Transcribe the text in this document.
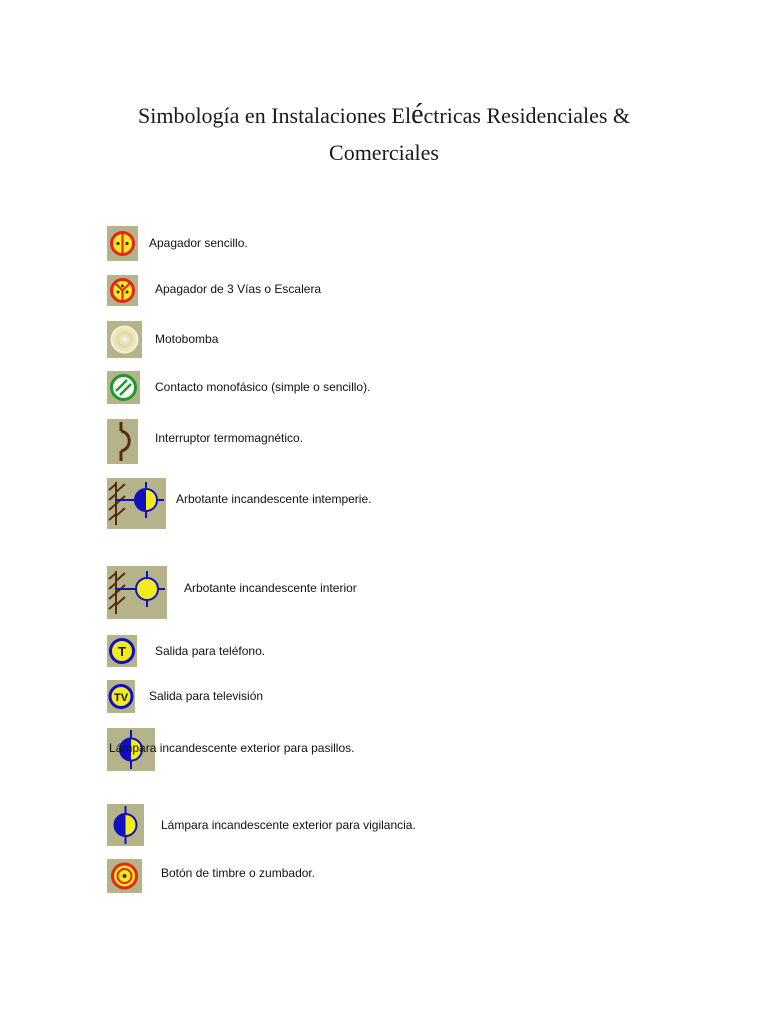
Simbología en Instalaciones Eléctricas Residenciales &
Comerciales
Apagador sencillo.
Apagador de 3 Vías o Escalera
Motobomba
Contacto monofásico (simple o sencillo).
Interruptor termomagnético.
Arbotante incandescente intemperie.
Arbotante incandescente interior
T Salida para teléfono.
TV Salida para televisión
Lámpara incandescente exterior para pasillos.
Lámpara incandescente exterior para vigilancia.
Botón de timbre o zumbador.
